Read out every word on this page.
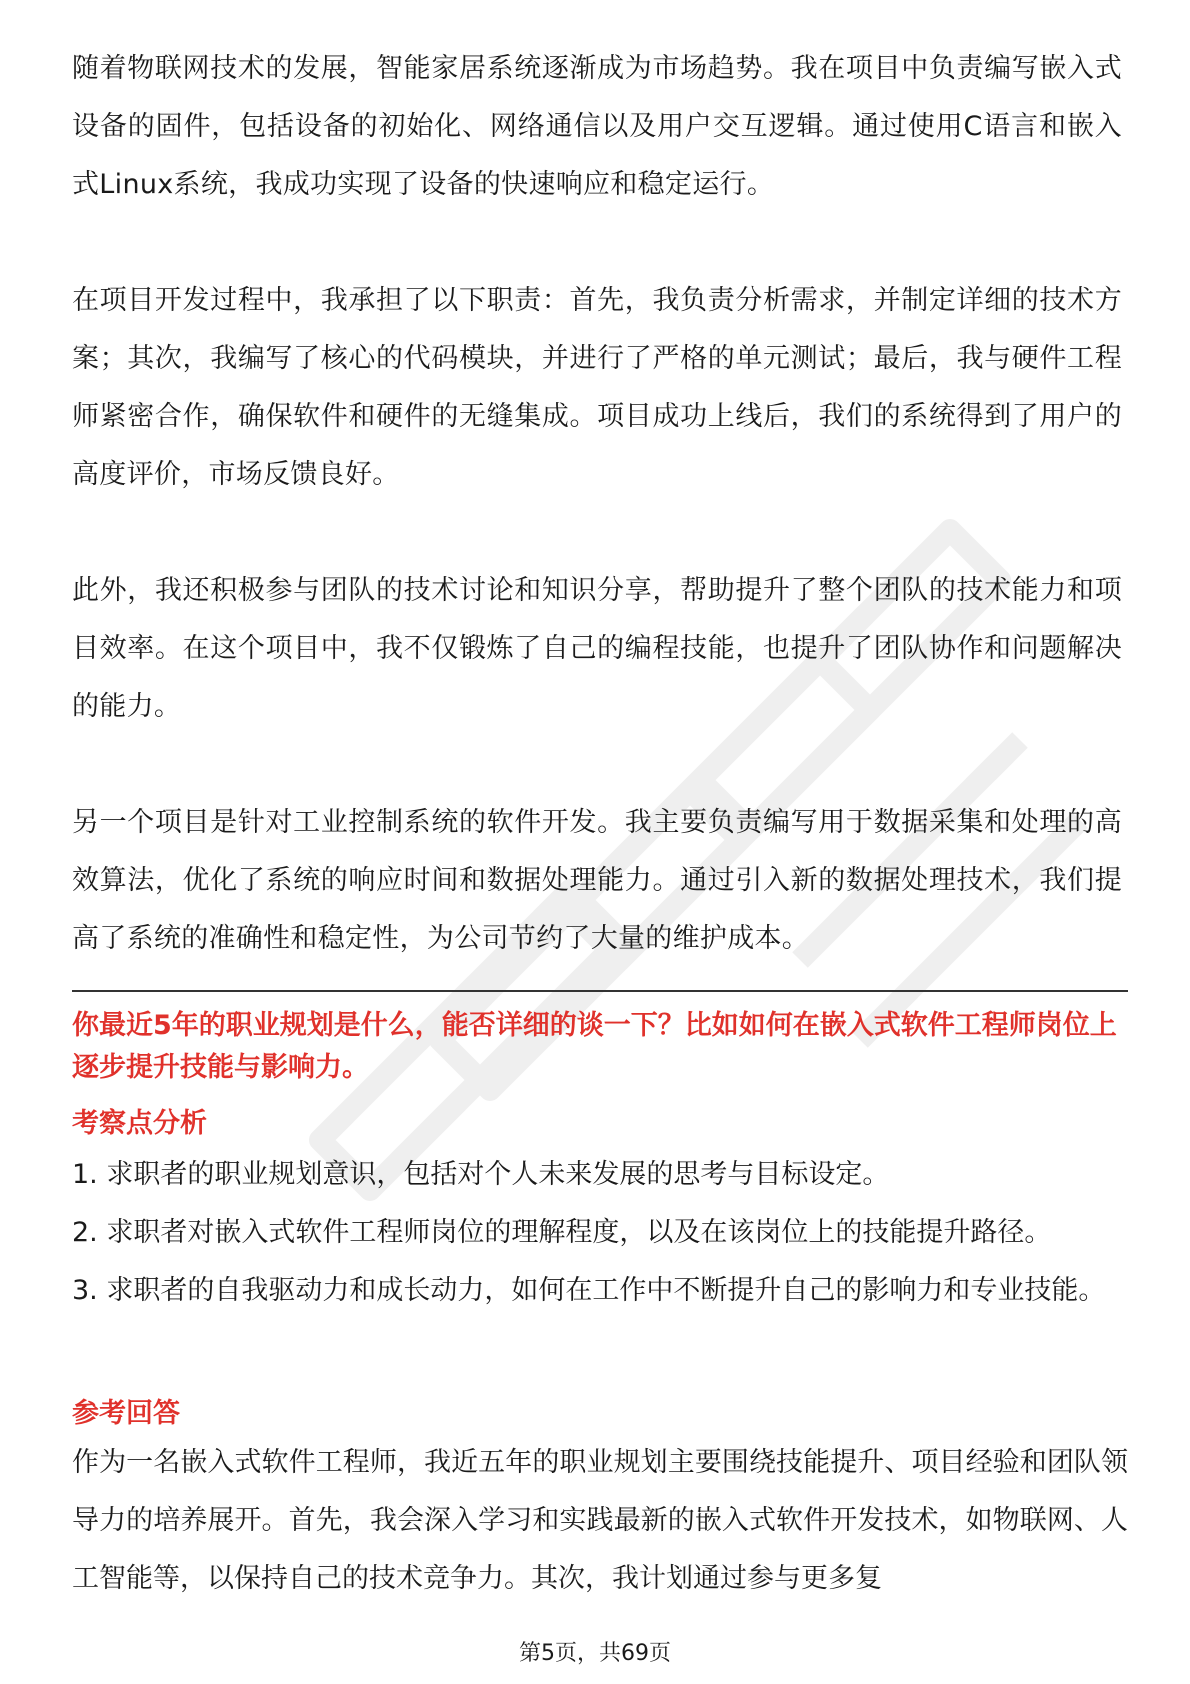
随着物联网技术的发展，智能家居系统逐渐成为市场趋势。我在项目中负责编写嵌入式设备的固件，包括设备的初始化、网络通信以及用户交互逻辑。通过使用C语言和嵌入式Linux系统，我成功实现了设备的快速响应和稳定运行。

在项目开发过程中，我承担了以下职责：首先，我负责分析需求，并制定详细的技术方案；其次，我编写了核心的代码模块，并进行了严格的单元测试；最后，我与硬件工程师紧密合作，确保软件和硬件的无缝集成。项目成功上线后，我们的系统得到了用户的高度评价，市场反馈良好。

此外，我还积极参与团队的技术讨论和知识分享，帮助提升了整个团队的技术能力和项目效率。在这个项目中，我不仅锻炼了自己的编程技能，也提升了团队协作和问题解决的能力。

另一个项目是针对工业控制系统的软件开发。我主要负责编写用于数据采集和处理的高效算法，优化了系统的响应时间和数据处理能力。通过引入新的数据处理技术，我们提高了系统的准确性和稳定性，为公司节约了大量的维护成本。

你最近5年的职业规划是什么，能否详细的谈一下？比如如何在嵌入式软件工程师岗位上逐步提升技能与影响力。

考察点分析

1. 求职者的职业规划意识，包括对个人未来发展的思考与目标设定。
2. 求职者对嵌入式软件工程师岗位的理解程度，以及在该岗位上的技能提升路径。
3. 求职者的自我驱动力和成长动力，如何在工作中不断提升自己的影响力和专业技能。

参考回答

作为一名嵌入式软件工程师，我近五年的职业规划主要围绕技能提升、项目经验和团队领导力的培养展开。首先，我会深入学习和实践最新的嵌入式软件开发技术，如物联网、人工智能等，以保持自己的技术竞争力。其次，我计划通过参与更多复

第5页，共69页
